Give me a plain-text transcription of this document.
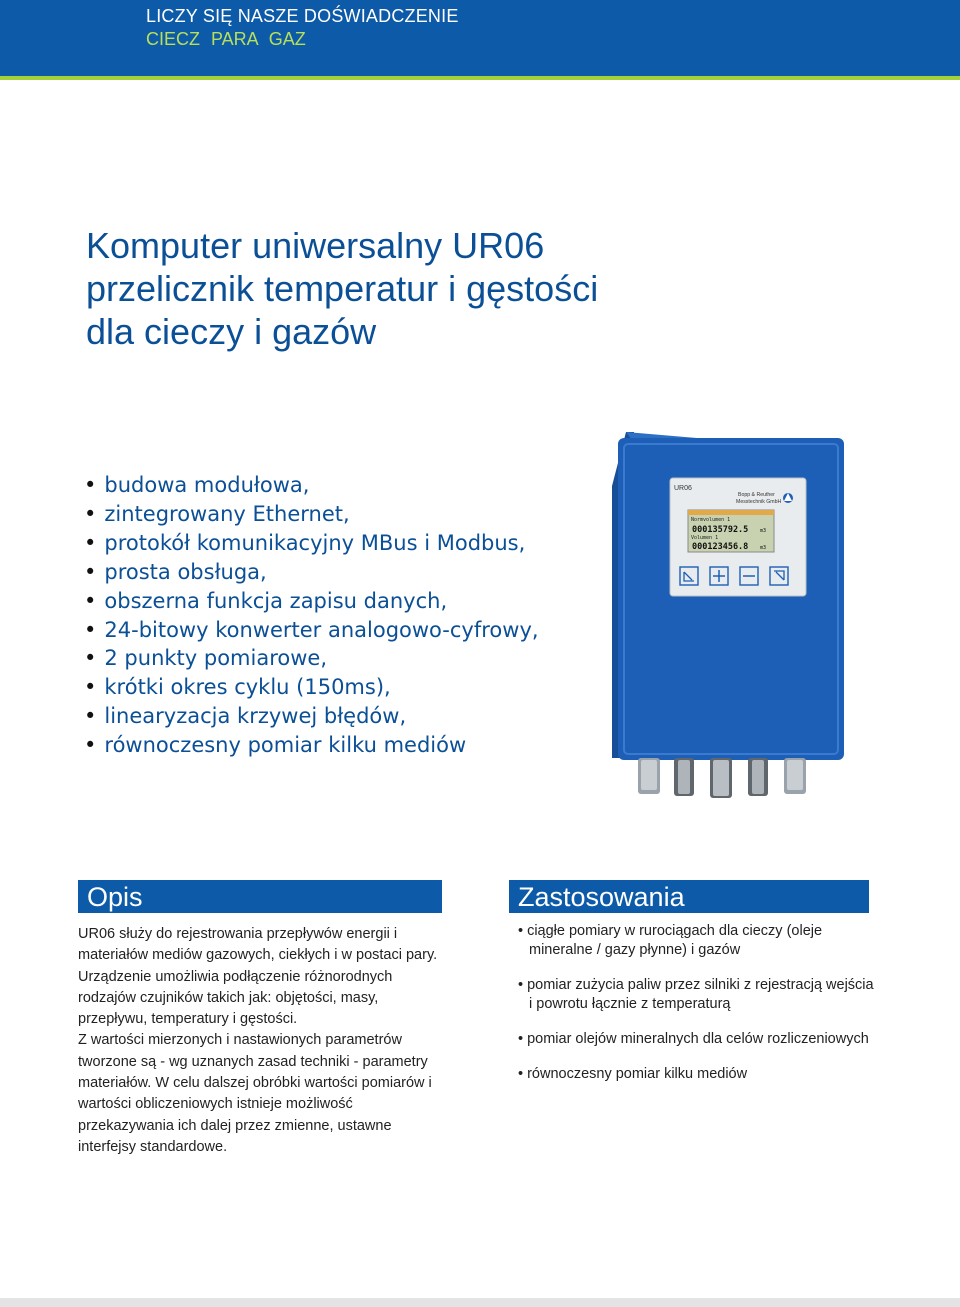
LICZY SIĘ NASZE DOŚWIADCZENIE
CIECZ PARA GAZ
Komputer uniwersalny UR06
przelicznik temperatur i gęstości
dla cieczy i gazów
• budowa modułowa,
• zintegrowany Ethernet,
• protokół komunikacyjny MBus i Modbus,
• prosta obsługa,
• obszerna funkcja zapisu danych,
• 24-bitowy konwerter analogowo-cyfrowy,
• 2 punkty pomiarowe,
• krótki okres cyklu (150ms),
• linearyzacja krzywej błędów,
• równoczesny pomiar kilku mediów
UR06
Bopp & Reuther
Messtechnik GmbH
Normvolumen 1
000135792.5 m3
Volumen 1
000123456.8 m3
Opis

UR06 służy do rejestrowania przepływów energii i materiałów mediów gazowych, ciekłych i w postaci pary. Urządzenie umożliwia podłączenie różnorodnych rodzajów czujników takich jak: objętości, masy, przepływu, temperatury i gęstości.

Z wartości mierzonych i nastawionych parametrów tworzone są - wg uznanych zasad techniki - parametry materiałów. W celu dalszej obróbki wartości pomiarów i wartości obliczeniowych istnieje możliwość przekazywania ich dalej przez zmienne, ustawne interfejsy standardowe.

Zastosowania
• ciągłe pomiary w rurociągach dla cieczy (oleje mineralne / gazy płynne) i gazów
• pomiar zużycia paliw przez silniki z rejestracją wejścia i powrotu łącznie z temperaturą
• pomiar olejów mineralnych dla celów rozliczeniowych
• równoczesny pomiar kilku mediów
